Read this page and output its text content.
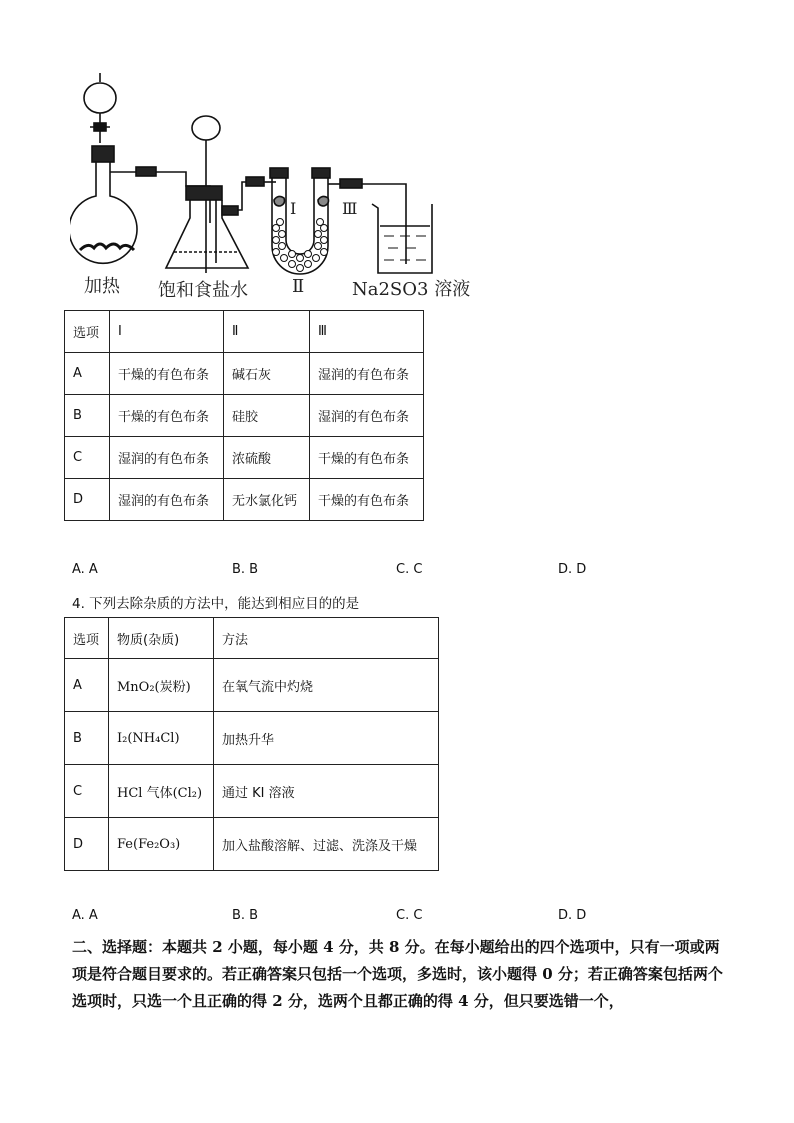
加热 饱和食盐水
Ⅰ
Ⅱ
Ⅲ
Na2SO3 溶液
选项	Ⅰ	Ⅱ	Ⅲ
A	干燥的有色布条	碱石灰	湿润的有色布条
B	干燥的有色布条	硅胶	湿润的有色布条
C	湿润的有色布条	浓硫酸	干燥的有色布条
D	湿润的有色布条	无水氯化钙	干燥的有色布条
A. A	B. B	C. C	D. D
4. 下列去除杂质的方法中，能达到相应目的的是
选项	物质(杂质)	方法
A	MnO₂(炭粉)	在氧气流中灼烧
B	I₂(NH₄Cl)	加热升华
C	HCl 气体(Cl₂)	通过 KI 溶液
D	Fe(Fe₂O₃)	加入盐酸溶解、过滤、洗涤及干燥
A. A	B. B	C. C	D. D
二、选择题：本题共 2 小题，每小题 4 分，共 8 分。在每小题给出的四个选项中，只有一项或两项是符合题目要求的。若正确答案只包括一个选项，多选时，该小题得 0 分；若正确答案包括两个选项时，只选一个且正确的得 2 分，选两个且都正确的得 4 分，但只要选错一个，
